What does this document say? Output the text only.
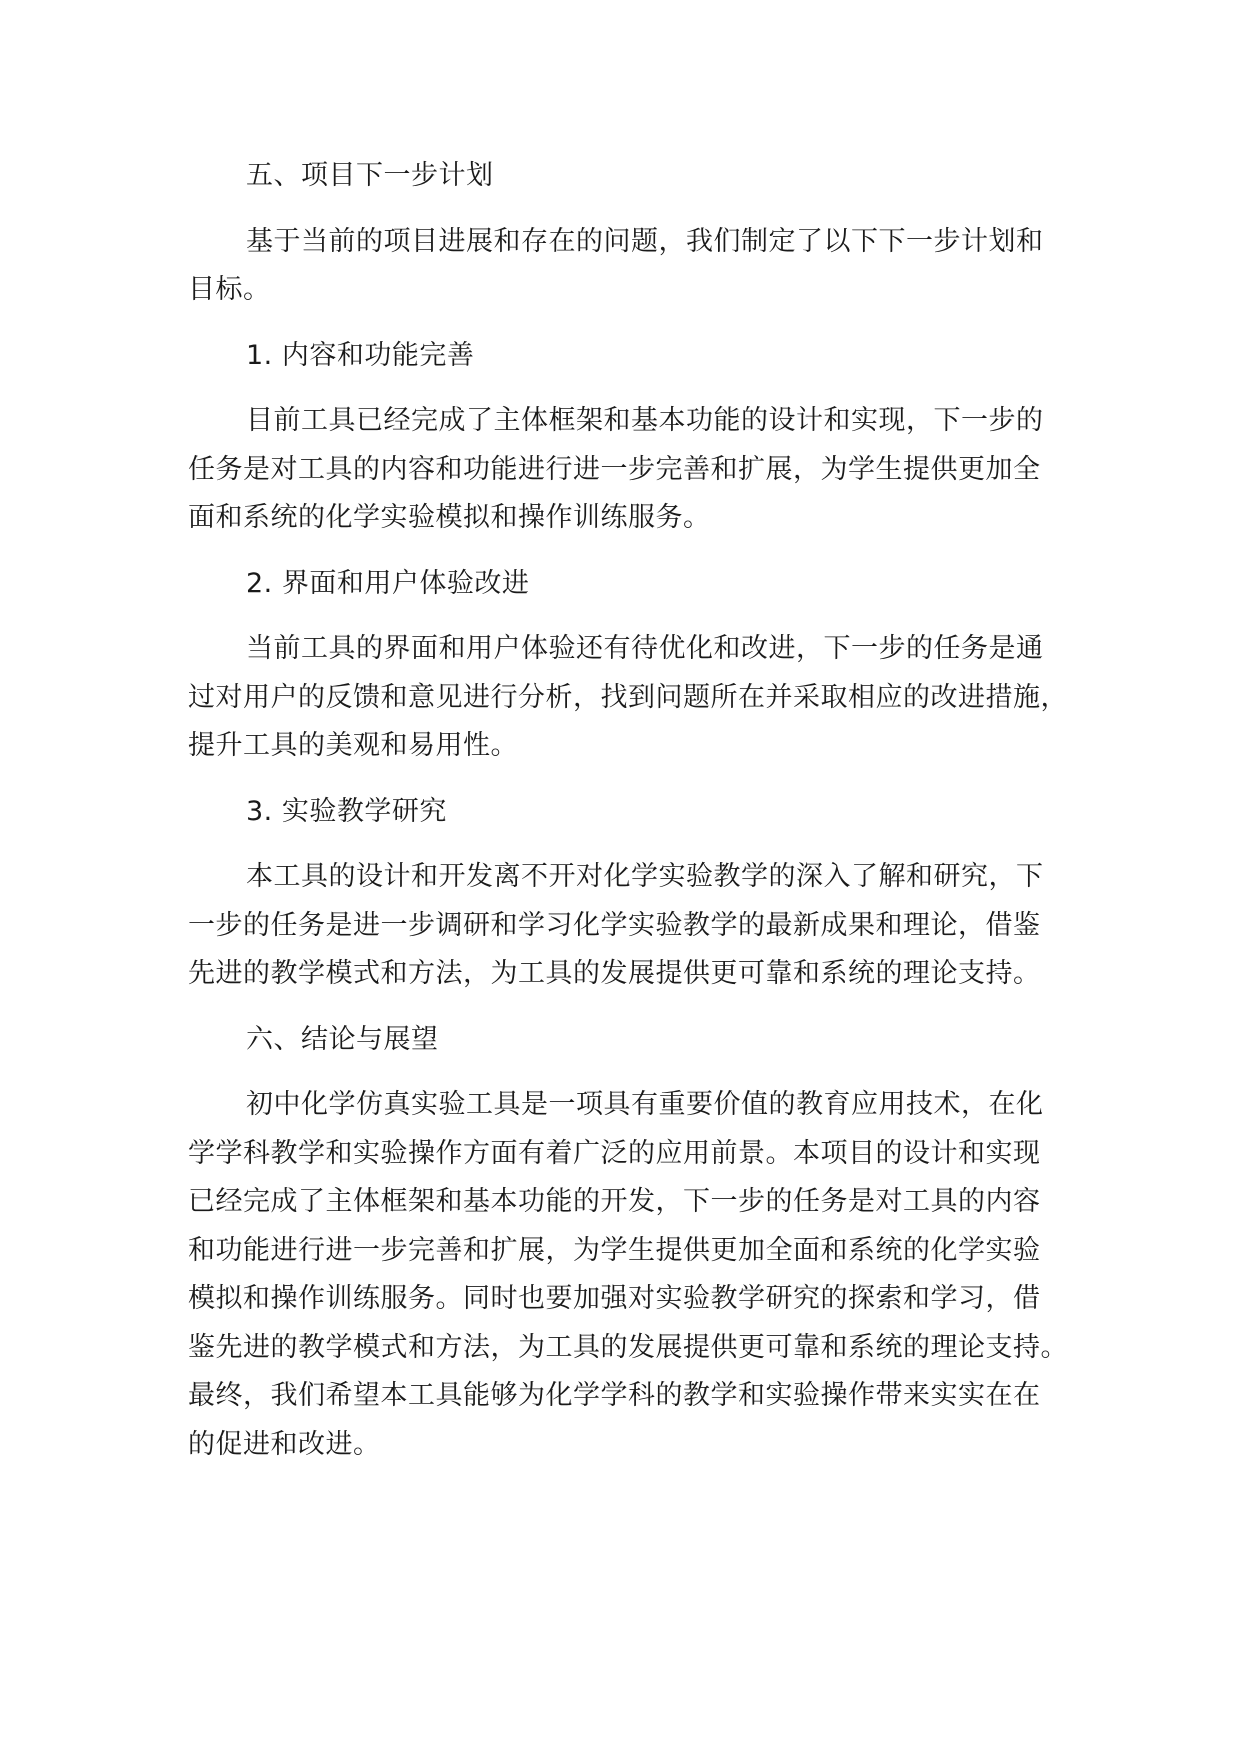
五、项目下一步计划
基于当前的项目进展和存在的问题，我们制定了以下下一步计划和
目标。
1. 内容和功能完善
目前工具已经完成了主体框架和基本功能的设计和实现，下一步的
任务是对工具的内容和功能进行进一步完善和扩展，为学生提供更加全
面和系统的化学实验模拟和操作训练服务。
2. 界面和用户体验改进
当前工具的界面和用户体验还有待优化和改进，下一步的任务是通
过对用户的反馈和意见进行分析，找到问题所在并采取相应的改进措施，
提升工具的美观和易用性。
3. 实验教学研究
本工具的设计和开发离不开对化学实验教学的深入了解和研究，下
一步的任务是进一步调研和学习化学实验教学的最新成果和理论，借鉴
先进的教学模式和方法，为工具的发展提供更可靠和系统的理论支持。
六、结论与展望
初中化学仿真实验工具是一项具有重要价值的教育应用技术，在化
学学科教学和实验操作方面有着广泛的应用前景。本项目的设计和实现
已经完成了主体框架和基本功能的开发，下一步的任务是对工具的内容
和功能进行进一步完善和扩展，为学生提供更加全面和系统的化学实验
模拟和操作训练服务。同时也要加强对实验教学研究的探索和学习，借
鉴先进的教学模式和方法，为工具的发展提供更可靠和系统的理论支持。
最终，我们希望本工具能够为化学学科的教学和实验操作带来实实在在
的促进和改进。
